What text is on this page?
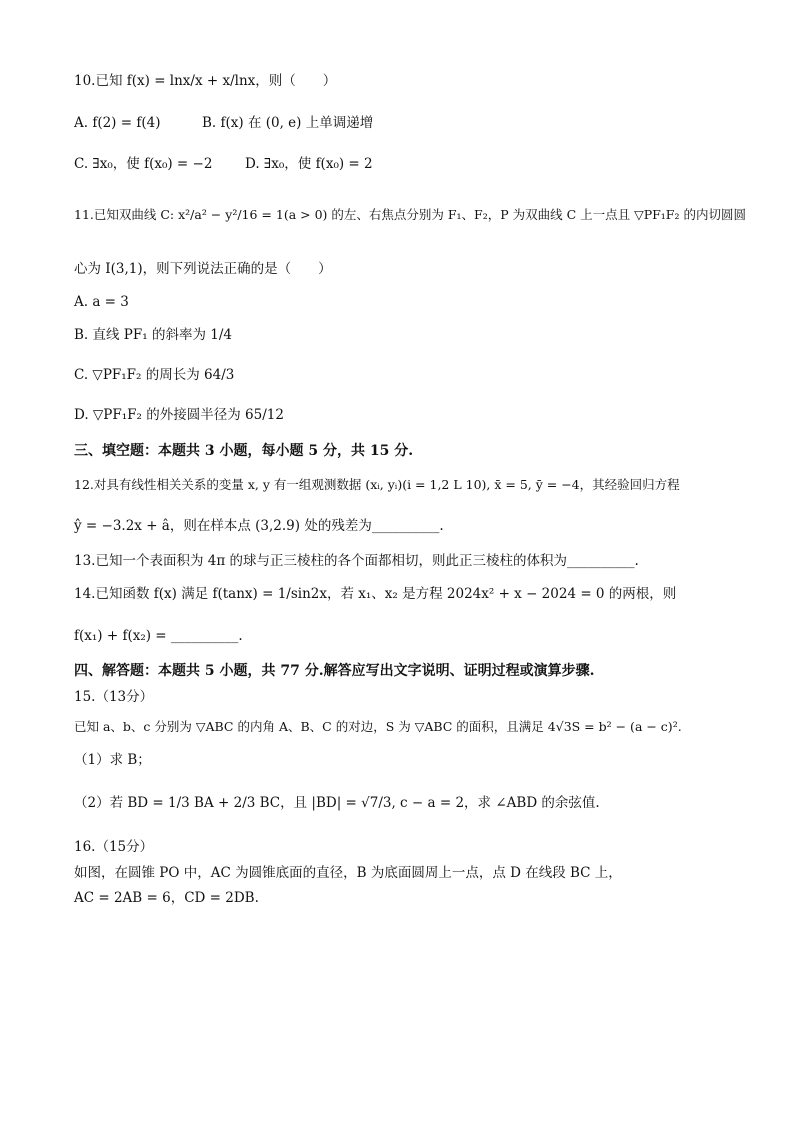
10.已知 f(x) = lnx/x + x/lnx，则（　　）
A. f(2) = f(4)	B. f(x) 在 (0, e) 上单调递增
C. ∃x₀，使 f(x₀) = −2 D. ∃x₀，使 f(x₀) = 2
11.已知双曲线 C: x²/a² − y²/16 = 1(a > 0) 的左、右焦点分别为 F₁、F₂，P 为双曲线 C 上一点且 ▽PF₁F₂ 的内切圆圆
心为 I(3,1)，则下列说法正确的是（　　）
A. a = 3
B. 直线 PF₁ 的斜率为 1/4
C. ▽PF₁F₂ 的周长为 64/3
D. ▽PF₁F₂ 的外接圆半径为 65/12
三、填空题：本题共 3 小题，每小题 5 分，共 15 分.
12.对具有线性相关关系的变量 x, y 有一组观测数据 (xᵢ, yᵢ)(i = 1,2 L 10), x̄ = 5, ȳ = −4，其经验回归方程
ŷ = −3.2x + â，则在样本点 (3,2.9) 处的残差为__________.
13.已知一个表面积为 4π 的球与正三棱柱的各个面都相切，则此正三棱柱的体积为__________.
14.已知函数 f(x) 满足 f(tanx) = 1/sin2x，若 x₁、x₂ 是方程 2024x² + x − 2024 = 0 的两根，则
f(x₁) + f(x₂) = __________.
四、解答题：本题共 5 小题，共 77 分.解答应写出文字说明、证明过程或演算步骤.
15.（13分）
已知 a、b、c 分别为 ▽ABC 的内角 A、B、C 的对边，S 为 ▽ABC 的面积，且满足 4√3S = b² − (a − c)².
（1）求 B；
（2）若 BD = 1/3 BA + 2/3 BC，且 |BD| = √7/3, c − a = 2，求 ∠ABD 的余弦值.
16.（15分）
如图，在圆锥 PO 中，AC 为圆锥底面的直径，B 为底面圆周上一点，点 D 在线段 BC 上，
AC = 2AB = 6，CD = 2DB.
